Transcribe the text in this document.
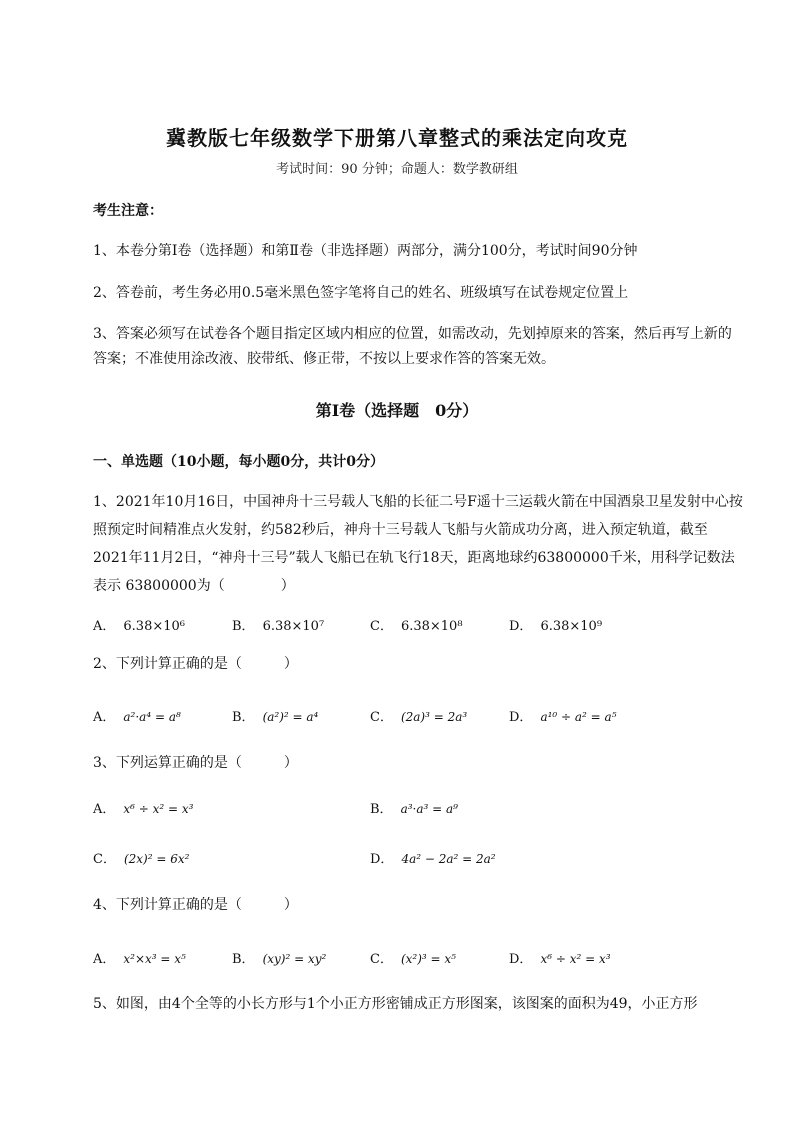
冀教版七年级数学下册第八章整式的乘法定向攻克
考试时间：90 分钟；命题人：数学教研组
考生注意：
1、本卷分第Ⅰ卷（选择题）和第Ⅱ卷（非选择题）两部分，满分100分，考试时间90分钟
2、答卷前，考生务必用0.5毫米黑色签字笔将自己的姓名、班级填写在试卷规定位置上
3、答案必须写在试卷各个题目指定区域内相应的位置，如需改动，先划掉原来的答案，然后再写上新的答案；不准使用涂改液、胶带纸、修正带，不按以上要求作答的答案无效。
第Ⅰ卷（选择题　0分）
一、单选题（10小题，每小题0分，共计0分）
1、2021年10月16日，中国神舟十三号载人飞船的长征二号F遥十三运载火箭在中国酒泉卫星发射中心按照预定时间精准点火发射，约582秒后，神舟十三号载人飞船与火箭成功分离，进入预定轨道，截至2021年11月2日，“神舟十三号”载人飞船已在轨飞行18天，距离地球约63800000千米，用科学记数法表示 63800000为（　　　　）
A． 6.38×10⁶	B． 6.38×10⁷	C． 6.38×10⁸	D． 6.38×10⁹
2、下列计算正确的是（　　　）
A． a²·a⁴ = a⁸	B． (a²)² = a⁴	C． (2a)³ = 2a³	D． a¹⁰ ÷ a² = a⁵
3、下列运算正确的是（　　　）
A． x⁶ ÷ x² = x³	B． a³·a³ = a⁹
C． (2x)² = 6x²	D． 4a² − 2a² = 2a²
4、下列计算正确的是（　　　）
A． x²×x³ = x⁵	B． (xy)² = xy²	C． (x²)³ = x⁵	D． x⁶ ÷ x² = x³
5、如图，由4个全等的小长方形与1个小正方形密铺成正方形图案，该图案的面积为49，小正方形
